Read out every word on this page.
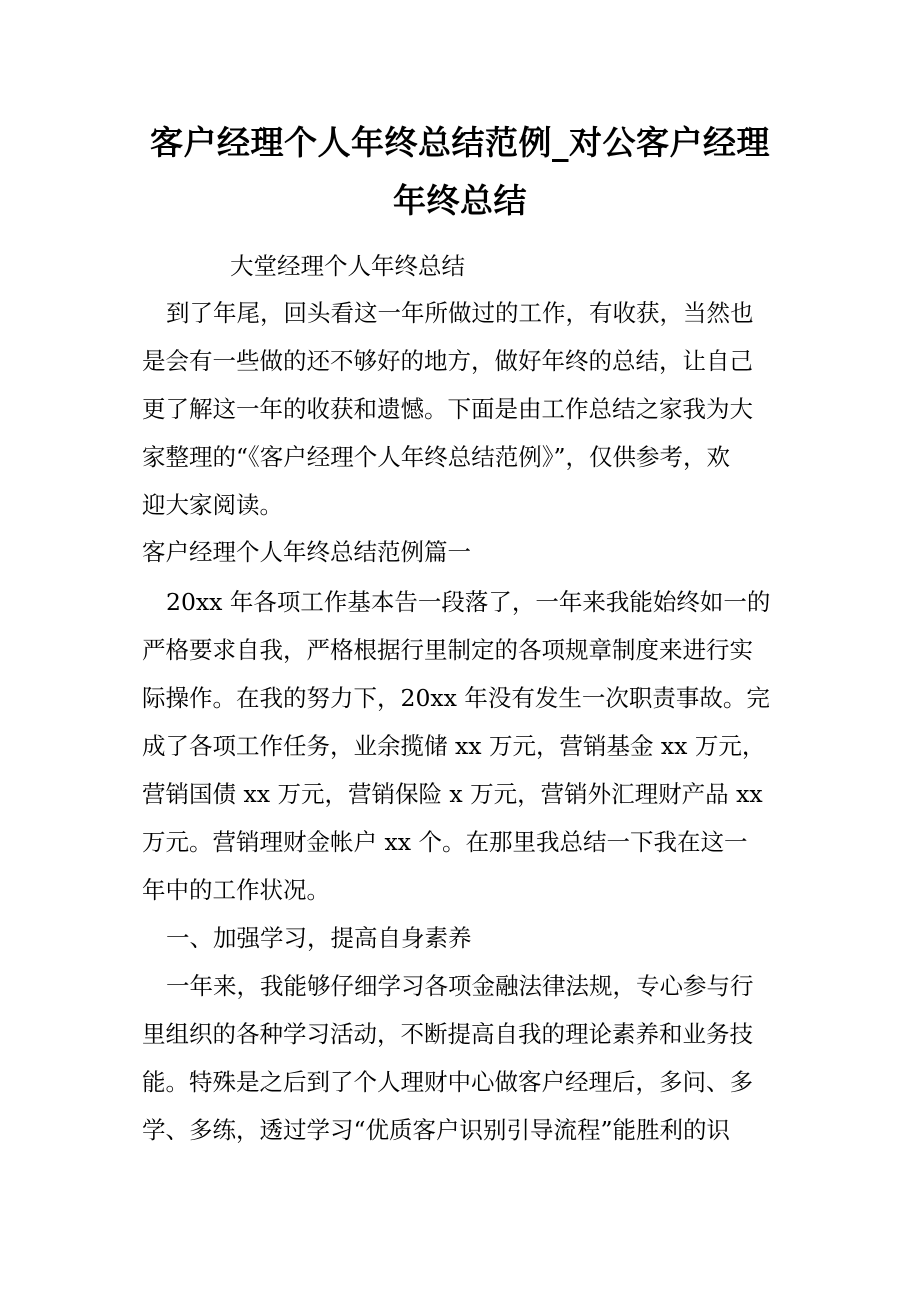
客户经理个人年终总结范例_对公客户经理
年终总结
大堂经理个人年终总结
到了年尾，回头看这一年所做过的工作，有收获，当然也
是会有一些做的还不够好的地方，做好年终的总结，让自己
更了解这一年的收获和遗憾。下面是由工作总结之家我为大
家整理的“《客户经理个人年终总结范例》”，仅供参考，欢
迎大家阅读。
客户经理个人年终总结范例篇一
20xx 年各项工作基本告一段落了，一年来我能始终如一的
严格要求自我，严格根据行里制定的各项规章制度来进行实
际操作。在我的努力下，20xx 年没有发生一次职责事故。完
成了各项工作任务，业余揽储 xx 万元，营销基金 xx 万元，
营销国债 xx 万元，营销保险 x 万元，营销外汇理财产品 xx
万元。营销理财金帐户 xx 个。在那里我总结一下我在这一
年中的工作状况。
一、加强学习，提高自身素养
一年来，我能够仔细学习各项金融法律法规，专心参与行
里组织的各种学习活动，不断提高自我的理论素养和业务技
能。特殊是之后到了个人理财中心做客户经理后，多问、多
学、多练，透过学习“优质客户识别引导流程”能胜利的识
